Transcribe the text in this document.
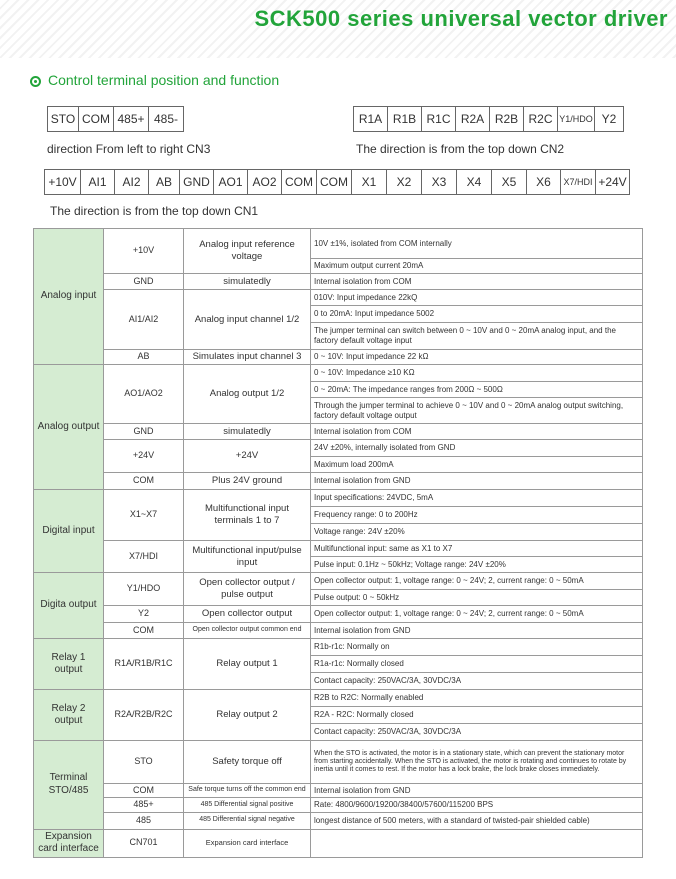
SCK500 series universal vector driver
Control terminal position and function
STO COM 485+ 485-
direction From left to right CN3
R1A R1B R1C R2A R2B R2C Y1/HDO Y2
The direction is from the top down CN2
+10V AI1	AI2	AB GND AO1 AO2 COM COM	X1	X2	X3	X4	X5	X6	X7/HDI +24V
The direction is from the top down CN1
Analog input	+10V	Analog input reference voltage	10V ±1%, isolated from COM internally
			Maximum output current 20mA
	GND	simulatedly	Internal isolation from COM
	AI1/AI2	Analog input channel 1/2	010V: Input impedance 22kQ
			0 to 20mA: Input impedance 5002
			The jumper terminal can switch between 0 ~ 10V and 0 ~ 20mA analog input, and the factory default voltage input
	AB	Simulates input channel 3	0 ~ 10V: Input impedance 22 kΩ
Analog output	AO1/AO2	Analog output 1/2	0 ~ 10V: Impedance ≥10 KΩ
			0 ~ 20mA: The impedance ranges from 200Ω ~ 500Ω
			Through the jumper terminal to achieve 0 ~ 10V and 0 ~ 20mA analog output switching, factory default voltage output
	GND	simulatedly	Internal isolation from COM
	+24V	+24V	24V ±20%, internally isolated from GND
			Maximum load 200mA
	COM	Plus 24V ground	Internal isolation from GND
Digital input	X1~X7	Multifunctional input terminals 1 to 7	Input specifications: 24VDC, 5mA
			Frequency range: 0 to 200Hz
			Voltage range: 24V ±20%
	X7/HDI	Multifunctional input/pulse input	Multifunctional input: same as X1 to X7
			Pulse input: 0.1Hz ~ 50kHz; Voltage range: 24V ±20%
Digita output	Y1/HDO	Open collector output / pulse output	Open collector output: 1, voltage range: 0 ~ 24V; 2, current range: 0 ~ 50mA
			Pulse output: 0 ~ 50kHz
	Y2	Open collector output	Open collector output: 1, voltage range: 0 ~ 24V; 2, current range: 0 ~ 50mA
	COM	Open collector output common end	Internal isolation from GND
Relay 1 output	R1A/R1B/R1C	Relay output 1	R1b-r1c: Normally on
			R1a-r1c: Normally closed
			Contact capacity: 250VAC/3A, 30VDC/3A
Relay 2 output	R2A/R2B/R2C	Relay output 2	R2B to R2C: Normally enabled
			R2A - R2C: Normally closed
			Contact capacity: 250VAC/3A, 30VDC/3A
Terminal STO/485	STO	Safety torque off	When the STO is activated, the motor is in a stationary state, which can prevent the stationary motor from starting accidentally. When the STO is activated, the motor is rotating and continues to rotate by inertia until it comes to rest. If the motor has a lock brake, the lock brake closes immediately.
	COM	Safe torque turns off the common end	Internal isolation from GND
	485+	485 Differential signal positive	Rate: 4800/9600/19200/38400/57600/115200 BPS
	485	485 Differential signal negative	longest distance of 500 meters, with a standard of twisted-pair shielded cable)
Expansion card interface	CN701	Expansion card interface	
